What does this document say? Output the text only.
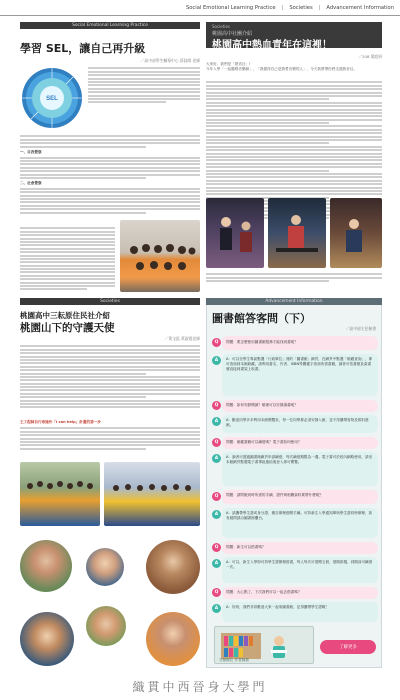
Social Emotional Learning Practice | Societies | Advancement Information
Social Emotional Learning Practice
學習 SEL，讓自己再升級
／高中部學生輔導中心 薛鈺晴 老師
SEL
一、自我覺察
二、社會覺察
Societies
桃園高中社團介紹
桃園高中熱血青年在這裡！
／208 葉庭妍
大家好，我們是「熱音社」!
今年入學「一起聽唱音樂劇」，「我覺得自己是熱愛音樂的人」，今天我將帶你們走進熱音社。
Societies
桃園高中三耘原住民社介紹
桃園山下的守護天使
／黃宝鈺 黃淑霞老師
王工程師自行車施作「I can help」計畫的第一步
Advancement Information
圖書館答客問（下）
／高中部主任秘書
Q	問題：要怎麼使用圖書館服務才能找到書呢？
A	A：可以至學生專區點選「行政單位」裡的「圖書館」網頁，在網頁中點選「館藏查詢」，即可查詢到本館館藏。請利用書名、作者、ISBN等關鍵字查詢所需書籍，讀者可依書號及索書號直接到書架上取書。
Q	問題：如何安靜閱讀？哪裡可以安靜讀書呢？
A	A：歡迎同學多多利用本館閱覽室，每一位同學都必須安靜入館，並不得攜帶食物及飲料進館。
Q	問題：館藏書籍可以續借嗎？電子書如何使用？
A	A：讀者可透過圖書館網頁申請續借，每次續借期限為一週。電子書可於校內網路使用，請至本館網頁點選電子書專區連結後登入即可閱覽。
Q	問題：請問報到時所需的手續、證件與相關資料要帶什麼呢？
A	A：請攜帶學生證或身分證，親自辦理借閱手續。可持新生入學通知單與學生證同時辦理，如有疑問請洽圖書館櫃台。
Q	問題：新生可以借書嗎？
A	A：可以，新生入學即可持學生證辦理借書，每人每次可借閱五冊，借期兩週，到期前可續借一次。
Q	問題：大心點了，下次我們可以一起去借書嗎？
A	A：好呀，我們非常歡迎大家一起來圖書館，記得攜帶學生證喔！
分類歸位 作者歸類
了解更多
織貫中西晉身大學門
